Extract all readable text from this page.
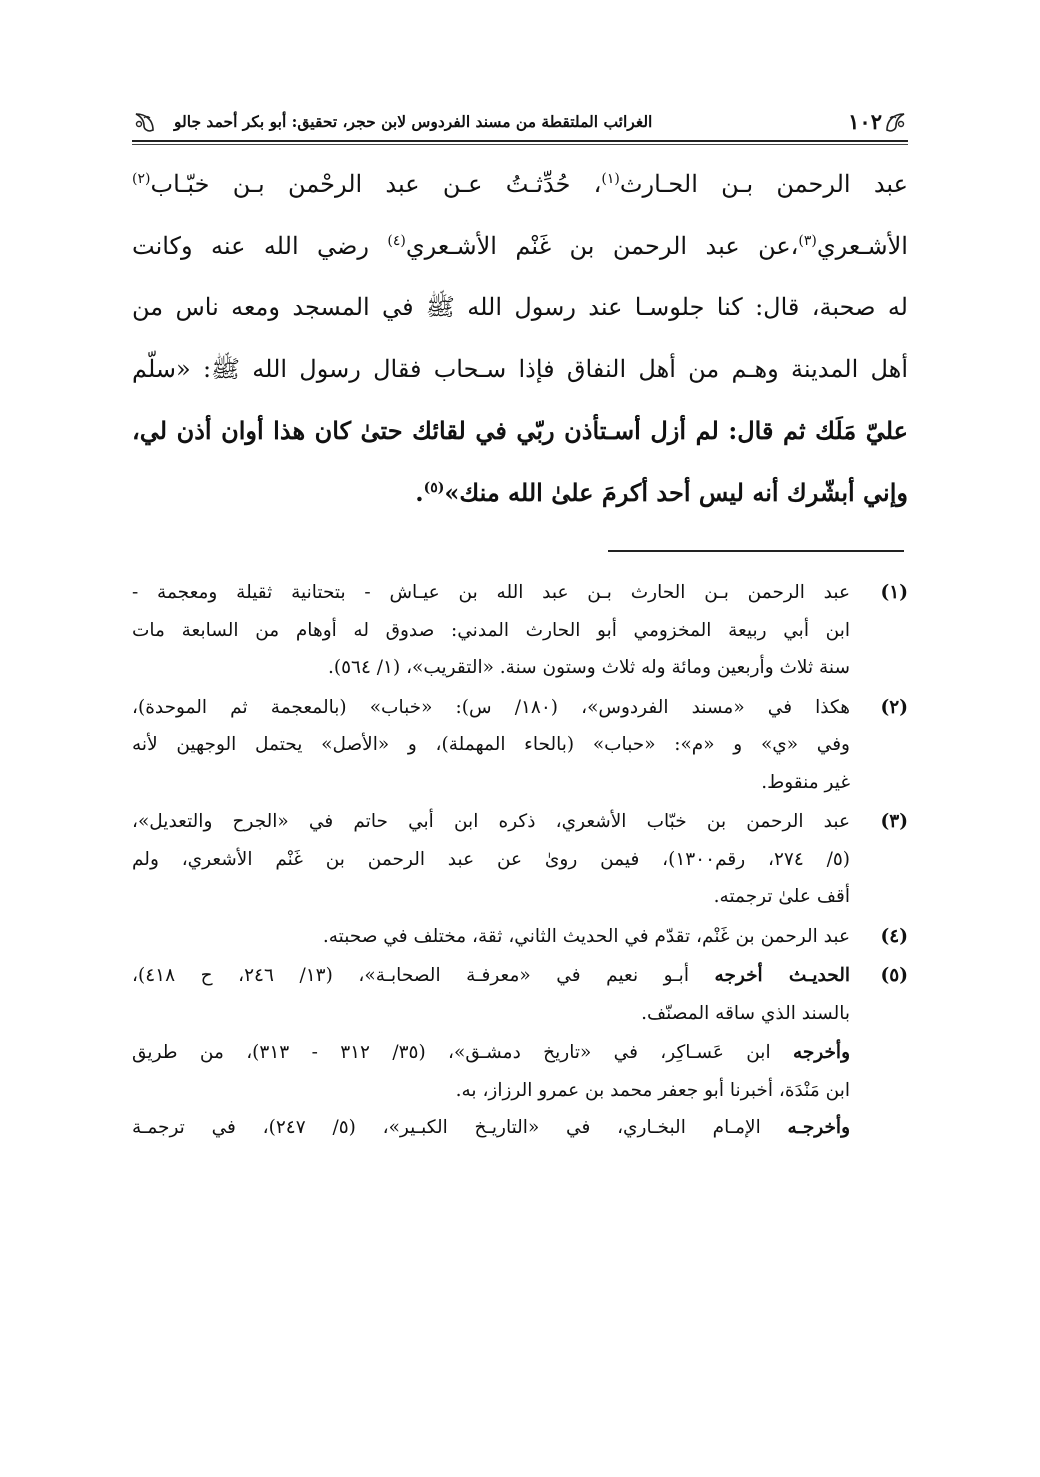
١٠٢
الغرائب الملتقطة من مسند الفردوس لابن حجر، تحقيق: أبو بكر أحمد جالو

عبد الرحمن بـن الحـارث$^{(١)}$، حُدِّثـتُ عـن عبد الرحْمن بـن خبّـاب$^{(٢)}$

الأشـعري$^{(٣)}$،عن عبد الرحمن بن غَنْم الأشـعري$^{(٤)}$ رضي الله عنه وكانت

له صحبة، قال: كنا جلوسـا عند رسول الله ﷺ في المسجد ومعه ناس من

أهل المدينة وهـم من أهل النفاق فإذا سـحاب فقال رسول الله ﷺ: «سلّم

عليّ مَلَك ثم قال: لم أزل أسـتأذن ربّي في لقائك حتىٰ كان هذا أوان أذن لي،

وإني أبشّرك أنه ليس أحد أكرمَ علىٰ الله منك»$^{(٥)}$.

(١)
عبد الرحمن بـن الحارث بـن عبد الله بن عيـاش - بتحتانية ثقيلة ومعجمة -
ابن أبي ربيعة المخزومي أبو الحارث المدني: صدوق له أوهام من السابعة مات
سنة ثلاث وأربعين ومائة وله ثلاث وستون سنة. «التقريب»، (١/ ٥٦٤).
(٢)
هكذا في «مسند الفردوس»، (١٨٠/ س): «خباب» (بالمعجمة ثم الموحدة)،
وفي «ي» و «م»: «حباب» (بالحاء المهملة)، و «الأصل» يحتمل الوجهين لأنه
غير منقوط.
(٣)
عبد الرحمن بن خبّاب الأشعري، ذكره ابن أبي حاتم في «الجرح والتعديل»،
(٥/ ٢٧٤، رقم١٣٠٠)، فيمن روىٰ عن عبد الرحمن بن غَنْم الأشعري، ولم
أقف علىٰ ترجمته.
(٤)
عبد الرحمن بن غَنْم، تقدّم في الحديث الثاني، ثقة، مختلف في صحبته.
(٥)
الحديـث أخرجه أبـو نعيم في «معرفـة الصحابـة»، (١٣/ ٢٤٦، ح ٤١٨)،
بالسند الذي ساقه المصنّف.
وأخرجه ابن عَسـاكِر، في «تاريخ دمشـق»، (٣٥/ ٣١٢ - ٣١٣)، من طريق
ابن مَنْدَة، أخبرنا أبو جعفر محمد بن عمرو الرزاز، به.
وأخرجـه الإمـام البخـاري، في «التاريـخ الكبـير»، (٥/ ٢٤٧)، في ترجمـة
